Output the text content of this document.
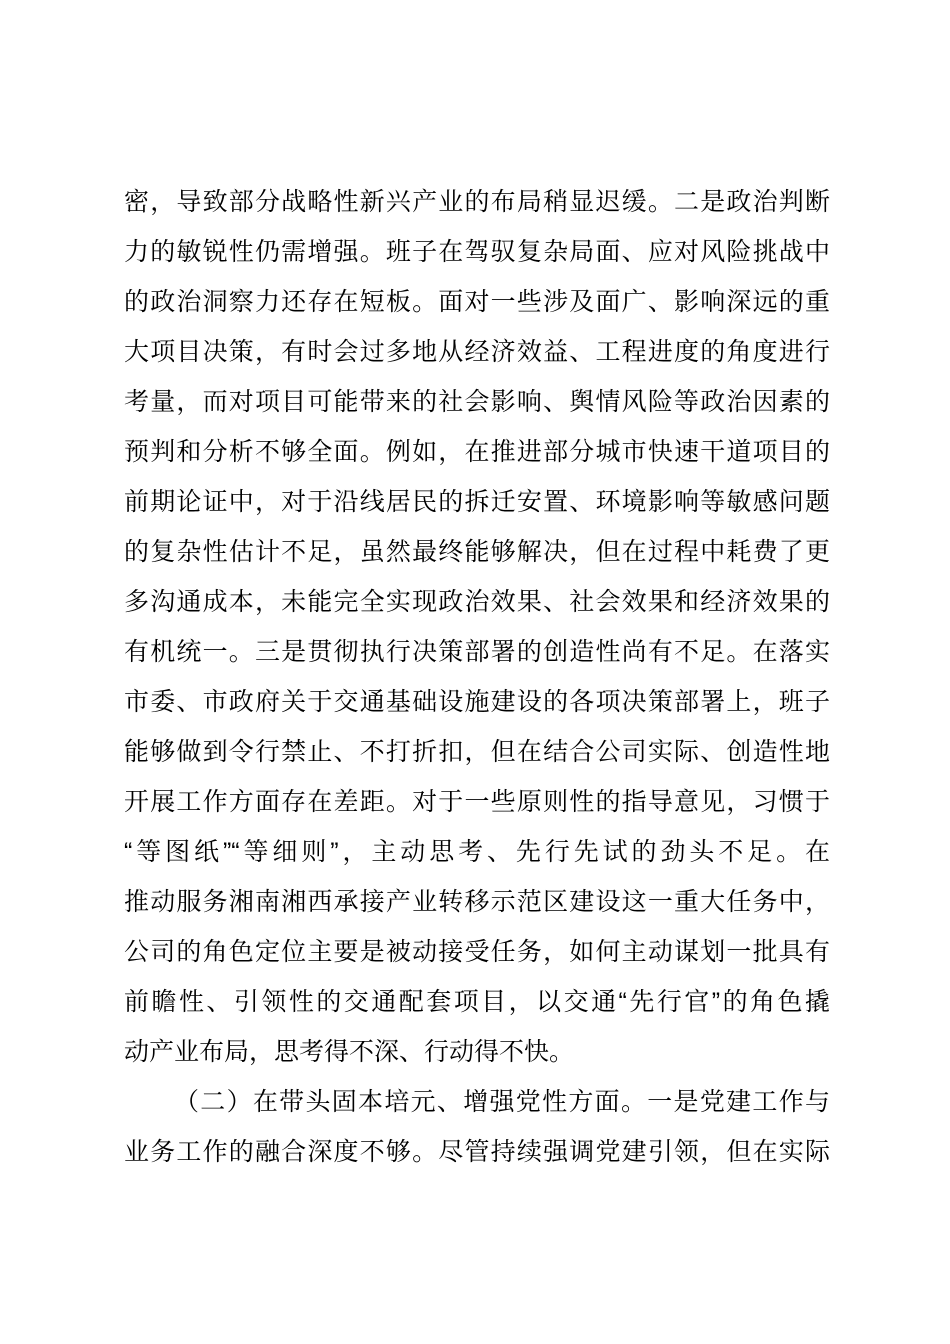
密，导致部分战略性新兴产业的布局稍显迟缓。二是政治判断
力的敏锐性仍需增强。班子在驾驭复杂局面、应对风险挑战中
的政治洞察力还存在短板。面对一些涉及面广、影响深远的重
大项目决策，有时会过多地从经济效益、工程进度的角度进行
考量，而对项目可能带来的社会影响、舆情风险等政治因素的
预判和分析不够全面。例如，在推进部分城市快速干道项目的
前期论证中，对于沿线居民的拆迁安置、环境影响等敏感问题
的复杂性估计不足，虽然最终能够解决，但在过程中耗费了更
多沟通成本，未能完全实现政治效果、社会效果和经济效果的
有机统一。三是贯彻执行决策部署的创造性尚有不足。在落实
市委、市政府关于交通基础设施建设的各项决策部署上，班子
能够做到令行禁止、不打折扣，但在结合公司实际、创造性地
开展工作方面存在差距。对于一些原则性的指导意见，习惯于
“等图纸”“等细则”，主动思考、先行先试的劲头不足。在
推动服务湘南湘西承接产业转移示范区建设这一重大任务中，
公司的角色定位主要是被动接受任务，如何主动谋划一批具有
前瞻性、引领性的交通配套项目，以交通“先行官”的角色撬
动产业布局，思考得不深、行动得不快。
（二）在带头固本培元、增强党性方面。一是党建工作与
业务工作的融合深度不够。尽管持续强调党建引领，但在实际
